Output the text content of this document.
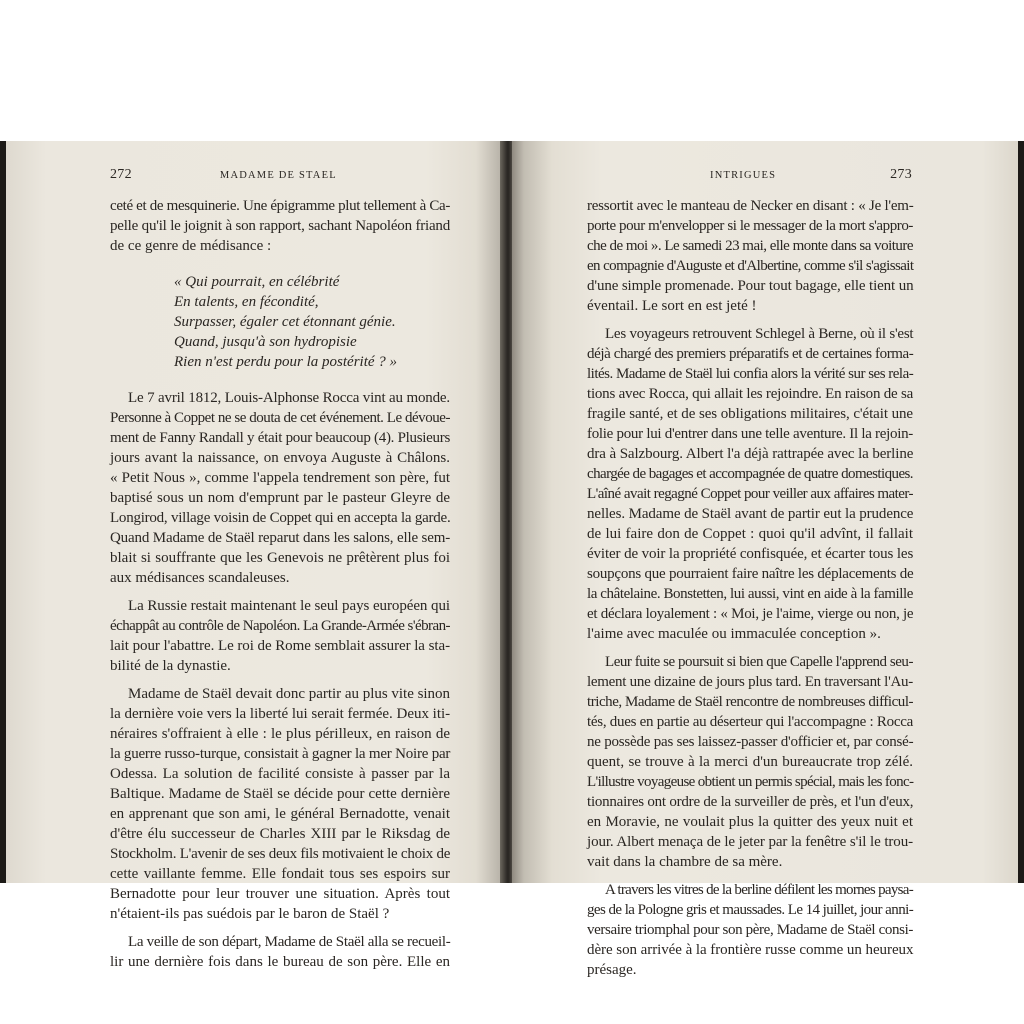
272	MADAME DE STAEL
ceté et de mesquinerie. Une épigramme plut tellement à Ca-
pelle qu'il le joignit à son rapport, sachant Napoléon friand
de ce genre de médisance :
« Qui pourrait, en célébrité
En talents, en fécondité,
Surpasser, égaler cet étonnant génie.
Quand, jusqu'à son hydropisie
Rien n'est perdu pour la postérité ? »
Le 7 avril 1812, Louis-Alphonse Rocca vint au monde.
Personne à Coppet ne se douta de cet événement. Le dévoue-
ment de Fanny Randall y était pour beaucoup (4). Plusieurs
jours avant la naissance, on envoya Auguste à Châlons.
« Petit Nous », comme l'appela tendrement son père, fut
baptisé sous un nom d'emprunt par le pasteur Gleyre de
Longirod, village voisin de Coppet qui en accepta la garde.
Quand Madame de Staël reparut dans les salons, elle sem-
blait si souffrante que les Genevois ne prêtèrent plus foi
aux médisances scandaleuses.
La Russie restait maintenant le seul pays européen qui
échappât au contrôle de Napoléon. La Grande-Armée s'ébran-
lait pour l'abattre. Le roi de Rome semblait assurer la sta-
bilité de la dynastie.
Madame de Staël devait donc partir au plus vite sinon
la dernière voie vers la liberté lui serait fermée. Deux iti-
néraires s'offraient à elle : le plus périlleux, en raison de
la guerre russo-turque, consistait à gagner la mer Noire par
Odessa. La solution de facilité consiste à passer par la
Baltique. Madame de Staël se décide pour cette dernière
en apprenant que son ami, le général Bernadotte, venait
d'être élu successeur de Charles XIII par le Riksdag de
Stockholm. L'avenir de ses deux fils motivaient le choix de
cette vaillante femme. Elle fondait tous ses espoirs sur
Bernadotte pour leur trouver une situation. Après tout
n'étaient-ils pas suédois par le baron de Staël ?
La veille de son départ, Madame de Staël alla se recueil-
lir une dernière fois dans le bureau de son père. Elle en
INTRIGUES	273
ressortit avec le manteau de Necker en disant : « Je l'em-
porte pour m'envelopper si le messager de la mort s'appro-
che de moi ». Le samedi 23 mai, elle monte dans sa voiture
en compagnie d'Auguste et d'Albertine, comme s'il s'agissait
d'une simple promenade. Pour tout bagage, elle tient un
éventail. Le sort en est jeté !
Les voyageurs retrouvent Schlegel à Berne, où il s'est
déjà chargé des premiers préparatifs et de certaines forma-
lités. Madame de Staël lui confia alors la vérité sur ses rela-
tions avec Rocca, qui allait les rejoindre. En raison de sa
fragile santé, et de ses obligations militaires, c'était une
folie pour lui d'entrer dans une telle aventure. Il la rejoin-
dra à Salzbourg. Albert l'a déjà rattrapée avec la berline
chargée de bagages et accompagnée de quatre domestiques.
L'aîné avait regagné Coppet pour veiller aux affaires mater-
nelles. Madame de Staël avant de partir eut la prudence
de lui faire don de Coppet : quoi qu'il advînt, il fallait
éviter de voir la propriété confisquée, et écarter tous les
soupçons que pourraient faire naître les déplacements de
la châtelaine. Bonstetten, lui aussi, vint en aide à la famille
et déclara loyalement : « Moi, je l'aime, vierge ou non, je
l'aime avec maculée ou immaculée conception ».
Leur fuite se poursuit si bien que Capelle l'apprend seu-
lement une dizaine de jours plus tard. En traversant l'Au-
triche, Madame de Staël rencontre de nombreuses difficul-
tés, dues en partie au déserteur qui l'accompagne : Rocca
ne possède pas ses laissez-passer d'officier et, par consé-
quent, se trouve à la merci d'un bureaucrate trop zélé.
L'illustre voyageuse obtient un permis spécial, mais les fonc-
tionnaires ont ordre de la surveiller de près, et l'un d'eux,
en Moravie, ne voulait plus la quitter des yeux nuit et
jour. Albert menaça de le jeter par la fenêtre s'il le trou-
vait dans la chambre de sa mère.
A travers les vitres de la berline défilent les mornes paysa-
ges de la Pologne gris et maussades. Le 14 juillet, jour anni-
versaire triomphal pour son père, Madame de Staël consi-
dère son arrivée à la frontière russe comme un heureux
présage.
